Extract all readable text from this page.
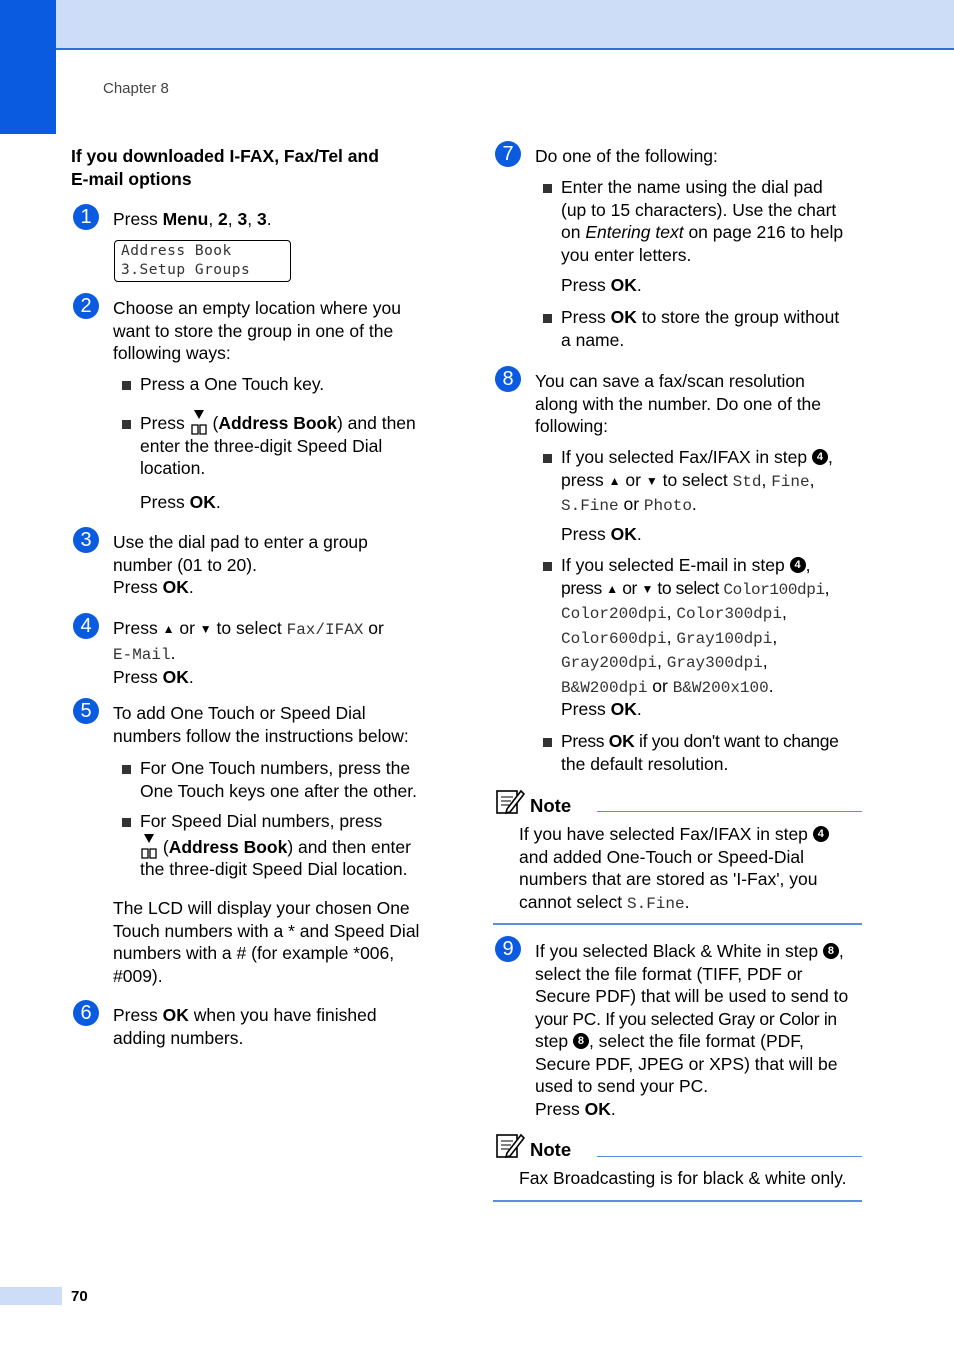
Chapter 8
If you downloaded I-FAX, Fax/Tel and
E-mail options
1	Press Menu, 2, 3, 3.
Address Book
3.Setup Groups
2	Choose an empty location where you
want to store the group in one of the
following ways:
Press a One Touch key.
Press
(Address Book) and then
enter the three-digit Speed Dial
location.
Press OK.
3	Use the dial pad to enter a group
number (01 to 20).
Press OK.
4	Press ▲ or ▼ to select Fax/IFAX or
E-Mail.
Press OK.
5	To add One Touch or Speed Dial
numbers follow the instructions below:
For One Touch numbers, press the
One Touch keys one after the other.
For Speed Dial numbers, press
(Address Book) and then enter
the three-digit Speed Dial location.
The LCD will display your chosen One
Touch numbers with a * and Speed Dial
numbers with a # (for example *006,
#009).
6	Press OK when you have finished
adding numbers.
7	Do one of the following:
Enter the name using the dial pad
(up to 15 characters). Use the chart
on Entering text on page 216 to help
you enter letters.
Press OK.
Press OK to store the group without
a name.
8	You can save a fax/scan resolution
along with the number. Do one of the
following:
If you selected Fax/IFAX in step 4 ,
press ▲ or ▼ to select Std, Fine,
S.Fine or Photo.
Press OK.
If you selected E-mail in step 4 ,
press ▲ or ▼ to select Color100dpi,
Color200dpi, Color300dpi,
Color600dpi, Gray100dpi,
Gray200dpi, Gray300dpi,
B&W200dpi or B&W200x100.
Press OK.
Press OK if you don't want to change
the default resolution.
Note
If you have selected Fax/IFAX in step 4
and added One-Touch or Speed-Dial
numbers that are stored as 'I-Fax', you
cannot select S.Fine.
9	If you selected Black & White in step 8 ,
select the file format (TIFF, PDF or
Secure PDF) that will be used to send to
your PC. If you selected Gray or Color in
step 8 , select the file format (PDF,
Secure PDF, JPEG or XPS) that will be
used to send your PC.
Press OK.
Note
Fax Broadcasting is for black & white only.
70
